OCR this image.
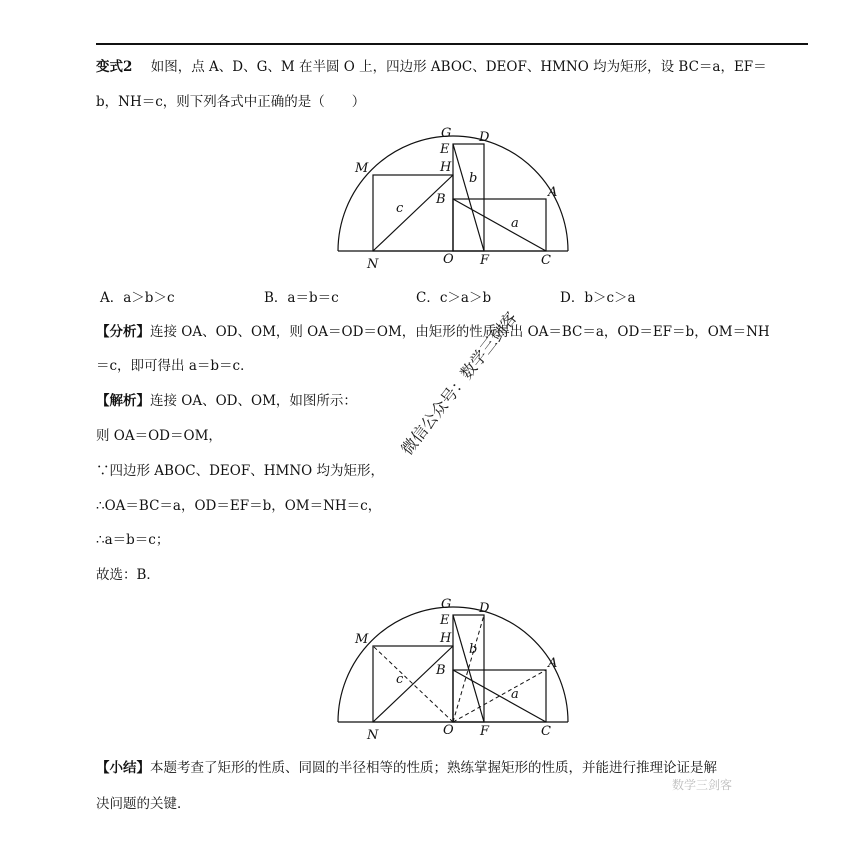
变式2 如图，点 A、D、G、M 在半圆 O 上，四边形 ABOC、DEOF、HMNO 均为矩形，设 BC＝a，EF＝
b，NH＝c，则下列各式中正确的是（　　）
G D
E
H
M
B	A
N	O F	C
a
b
c
A．a＞b＞c	B．a＝b＝c	C．c＞a＞b	D．b＞c＞a
【分析】连接 OA、OD、OM，则 OA＝OD＝OM，由矩形的性质得出 OA＝BC＝a，OD＝EF＝b，OM＝NH
＝c，即可得出 a＝b＝c．
【解析】连接 OA、OD、OM，如图所示：
则 OA＝OD＝OM，
∵四边形 ABOC、DEOF、HMNO 均为矩形，
∴OA＝BC＝a，OD＝EF＝b，OM＝NH＝c，
∴a＝b＝c；
故选：B．
G D
E
H
M
B	A
N	O F	C
a
b
c
【小结】本题考查了矩形的性质、同圆的半径相等的性质；熟练掌握矩形的性质，并能进行推理论证是解
决问题的关键．
微信公众号：数学三剑客
数学三剑客
